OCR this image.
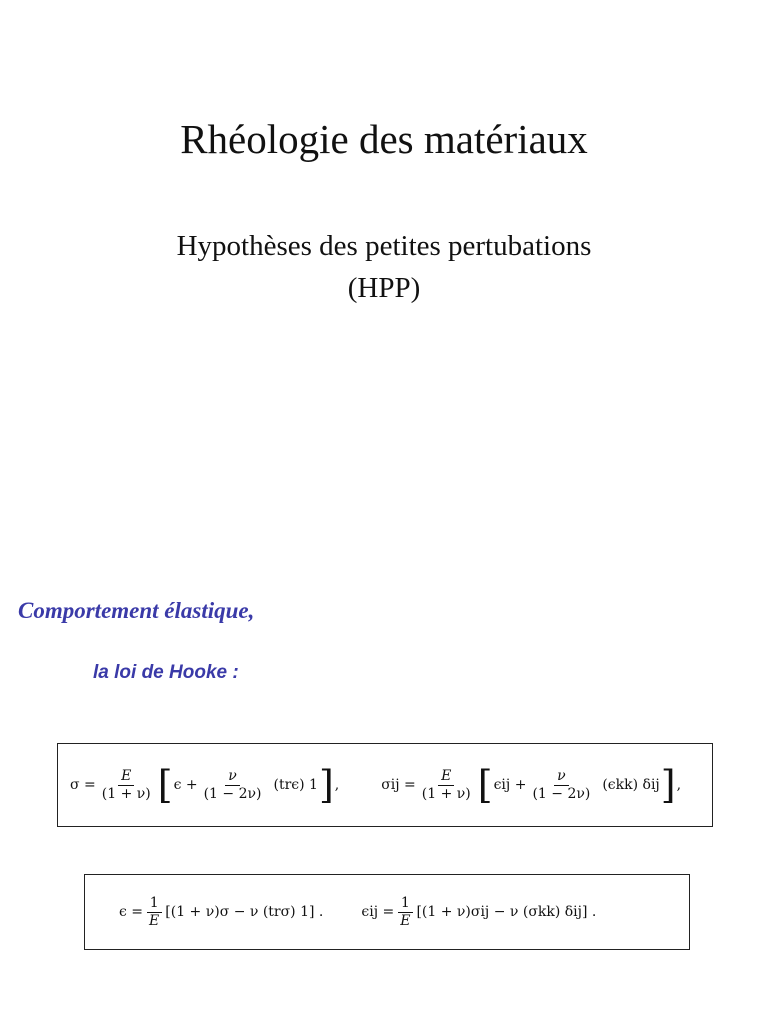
Rhéologie des matériaux
Hypothèses des petites pertubations
(HPP)
Comportement élastique,
la loi de Hooke :
$\sigma = \frac{E}{(1 + \nu)}$ [ $\epsilon + \frac{\nu}{(1 - 2\nu)} (tr\epsilon)$ 1 ] ,	$\sigma ij = \frac{E}{(1 + \nu)}$ [ $\epsilon ij + \frac{\nu}{(1 - 2\nu)} (\epsilon kk)$ δij ] ,
$\epsilon = \frac{1}{E} [(1 + \nu)\sigma - \nu$ (trσ) 1] .	$\epsilon ij = \frac{1}{E} [(1 + \nu)\sigma ij - \nu$ (σkk) δij] .
